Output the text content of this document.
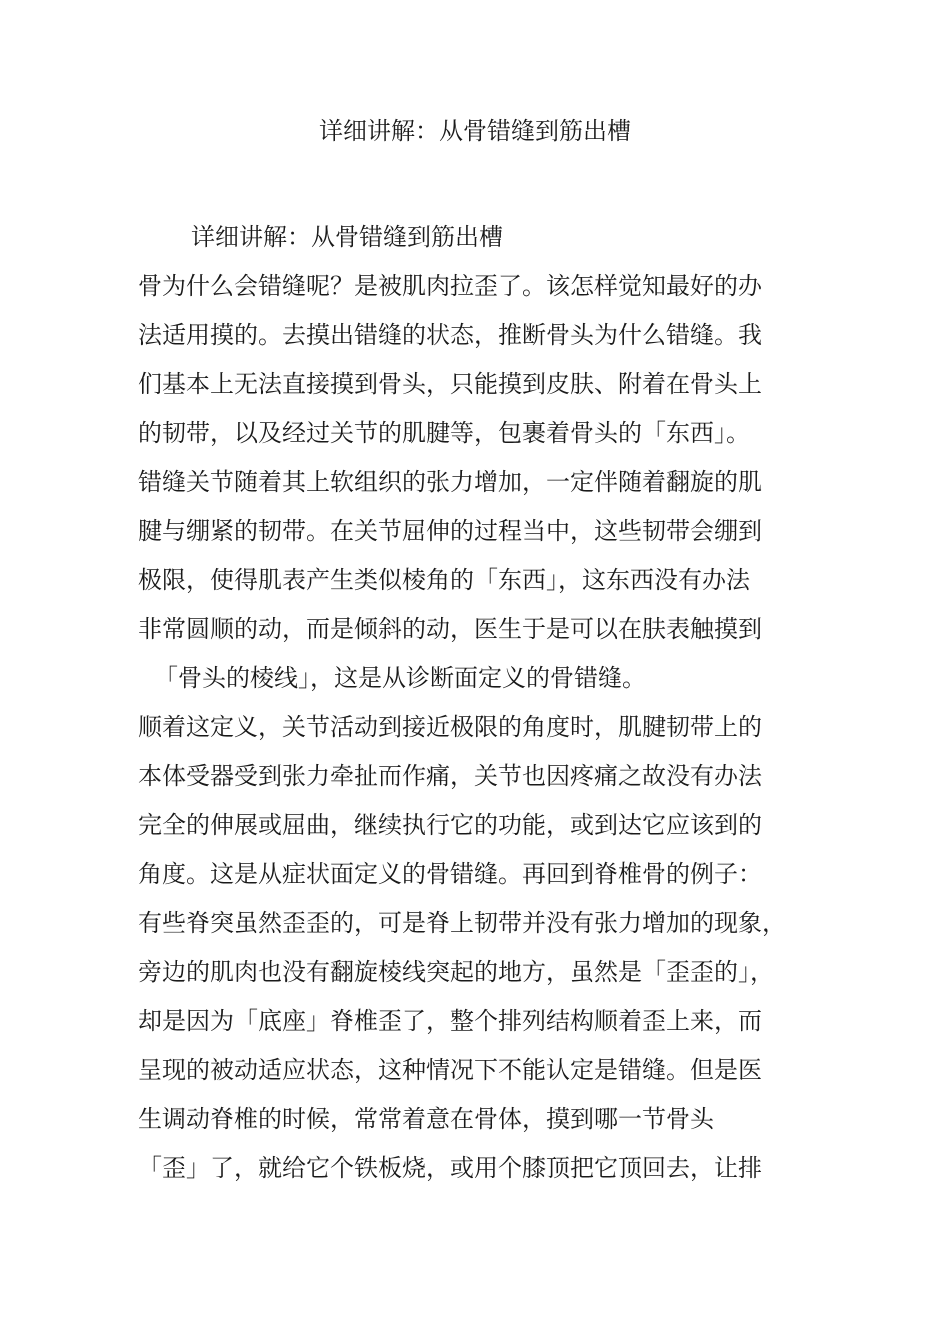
详细讲解：从骨错缝到筋出槽
详细讲解：从骨错缝到筋出槽
骨为什么会错缝呢？是被肌肉拉歪了。该怎样觉知最好的办
法适用摸的。去摸出错缝的状态，推断骨头为什么错缝。我
们基本上无法直接摸到骨头，只能摸到皮肤、附着在骨头上
的韧带，以及经过关节的肌腱等，包裹着骨头的「东西」。
错缝关节随着其上软组织的张力增加，一定伴随着翻旋的肌
腱与绷紧的韧带。在关节屈伸的过程当中，这些韧带会绷到
极限，使得肌表产生类似棱角的「东西」，这东西没有办法
非常圆顺的动，而是倾斜的动，医生于是可以在肤表触摸到
「骨头的棱线」，这是从诊断面定义的骨错缝。
顺着这定义，关节活动到接近极限的角度时，肌腱韧带上的
本体受器受到张力牵扯而作痛，关节也因疼痛之故没有办法
完全的伸展或屈曲，继续执行它的功能，或到达它应该到的
角度。这是从症状面定义的骨错缝。再回到脊椎骨的例子：
有些脊突虽然歪歪的，可是脊上韧带并没有张力增加的现象，
旁边的肌肉也没有翻旋棱线突起的地方，虽然是「歪歪的」，
却是因为「底座」脊椎歪了，整个排列结构顺着歪上来，而
呈现的被动适应状态，这种情况下不能认定是错缝。但是医
生调动脊椎的时候，常常着意在骨体，摸到哪一节骨头
「歪」了，就给它个铁板烧，或用个膝顶把它顶回去，让排
